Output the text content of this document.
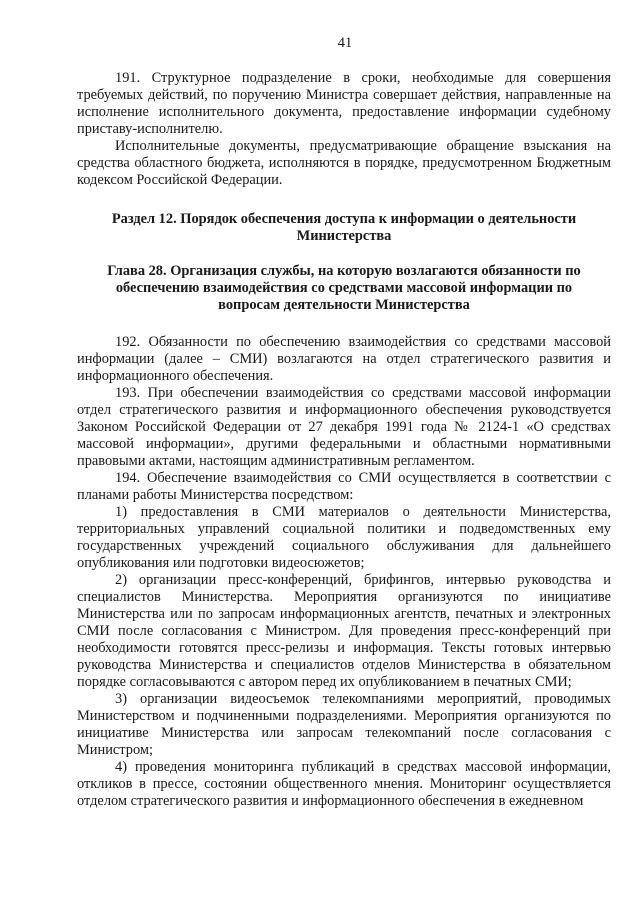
41

191. Структурное подразделение в сроки, необходимые для совершения требуемых действий, по поручению Министра совершает действия, направленные на исполнение исполнительного документа, предоставление информации судебному приставу-исполнителю.

Исполнительные документы, предусматривающие обращение взыскания на средства областного бюджета, исполняются в порядке, предусмотренном Бюджетным кодексом Российской Федерации.

Раздел 12. Порядок обеспечения доступа к информации о деятельности Министерства

Глава 28. Организация службы, на которую возлагаются обязанности по обеспечению взаимодействия со средствами массовой информации по вопросам деятельности Министерства

192. Обязанности по обеспечению взаимодействия со средствами массовой информации (далее – СМИ) возлагаются на отдел стратегического развития и информационного обеспечения.

193. При обеспечении взаимодействия со средствами массовой информации отдел стратегического развития и информационного обеспечения руководствуется Законом Российской Федерации от 27 декабря 1991 года № 2124-1 «О средствах массовой информации», другими федеральными и областными нормативными правовыми актами, настоящим административным регламентом.

194. Обеспечение взаимодействия со СМИ осуществляется в соответствии с планами работы Министерства посредством:

1) предоставления в СМИ материалов о деятельности Министерства, территориальных управлений социальной политики и подведомственных ему государственных учреждений социального обслуживания для дальнейшего опубликования или подготовки видеосюжетов;

2) организации пресс-конференций, брифингов, интервью руководства и специалистов Министерства. Мероприятия организуются по инициативе Министерства или по запросам информационных агентств, печатных и электронных СМИ после согласования с Министром. Для проведения пресс-конференций при необходимости готовятся пресс-релизы и информация. Тексты готовых интервью руководства Министерства и специалистов отделов Министерства в обязательном порядке согласовываются с автором перед их опубликованием в печатных СМИ;

3) организации видеосъемок телекомпаниями мероприятий, проводимых Министерством и подчиненными подразделениями. Мероприятия организуются по инициативе Министерства или запросам телекомпаний после согласования с Министром;

4) проведения мониторинга публикаций в средствах массовой информации, откликов в прессе, состоянии общественного мнения. Мониторинг осуществляется отделом стратегического развития и информационного обеспечения в ежедневном
